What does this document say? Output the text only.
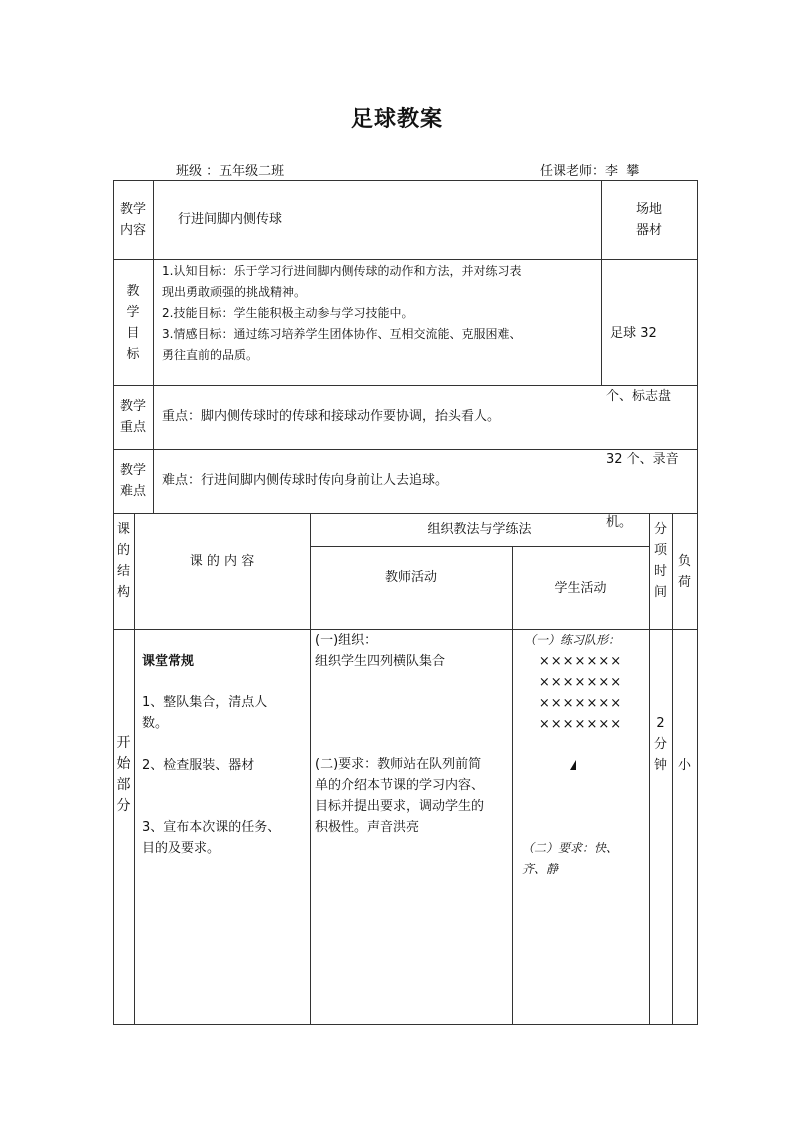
足球教案
班级 ：五年级二班	任课老师：李  攀
教学
内容
行进间脚内侧传球
场地
器材
教
学
目
标
1.认知目标：乐于学习行进间脚内侧传球的动作和方法，并对练习表
现出勇敢顽强的挑战精神。
2.技能目标：学生能积极主动参与学习技能中。
3.情感目标：通过练习培养学生团体协作、互相交流能、克服困难、
勇往直前的品质。

足球 32

个、标志盘

32 个、录音

机。

教学
重点
重点：脚内侧传球时的传球和接球动作要协调，抬头看人。
教学
难点
难点：行进间脚内侧传球时传向身前让人去追球。
课
的
结
构
课 的 内 容
组织教法与学练法
教师活动
学生活动
分
项
时
间
负
荷
开
始
部
分
课堂常规
1、整队集合，清点人
数。
2、检查服装、器材
3、宣布本次课的任务、
目的及要求。
(一)组织：
组织学生四列横队集合
(二)要求：教师站在队列前简
单的介绍本节课的学习内容、
目标并提出要求，调动学生的
积极性。声音洪亮
（一）练习队形：
×××××××
×××××××
×××××××
×××××××
（二）要求：快、
齐、静
2
分
钟 小
